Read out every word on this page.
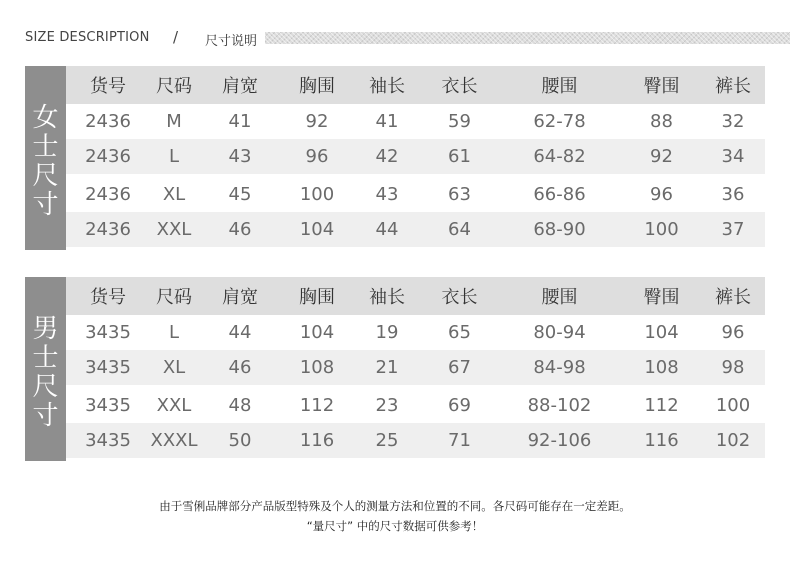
SIZE DESCRIPTION / 尺寸说明
女士尺寸
货号	尺码	肩宽	胸围	袖长	衣长	腰围	臀围	裤长
2436	M	41	92	41	59	62-78	88	32
2436	L	43	96	42	61	64-82	92	34
2436	XL	45	100	43	63	66-86	96	36
2436	XXL	46	104	44	64	68-90	100	37
男士尺寸
货号	尺码	肩宽	胸围	袖长	衣长	腰围	臀围	裤长
3435	L	44	104	19	65	80-94	104	96
3435	XL	46	108	21	67	84-98	108	98
3435	XXL	48	112	23	69	88-102	112	100
3435	XXXL	50	116	25	71	92-106	116	102
由于雪俐品牌部分产品版型特殊及个人的测量方法和位置的不同。各尺码可能存在一定差距。
“量尺寸” 中的尺寸数据可供参考！
